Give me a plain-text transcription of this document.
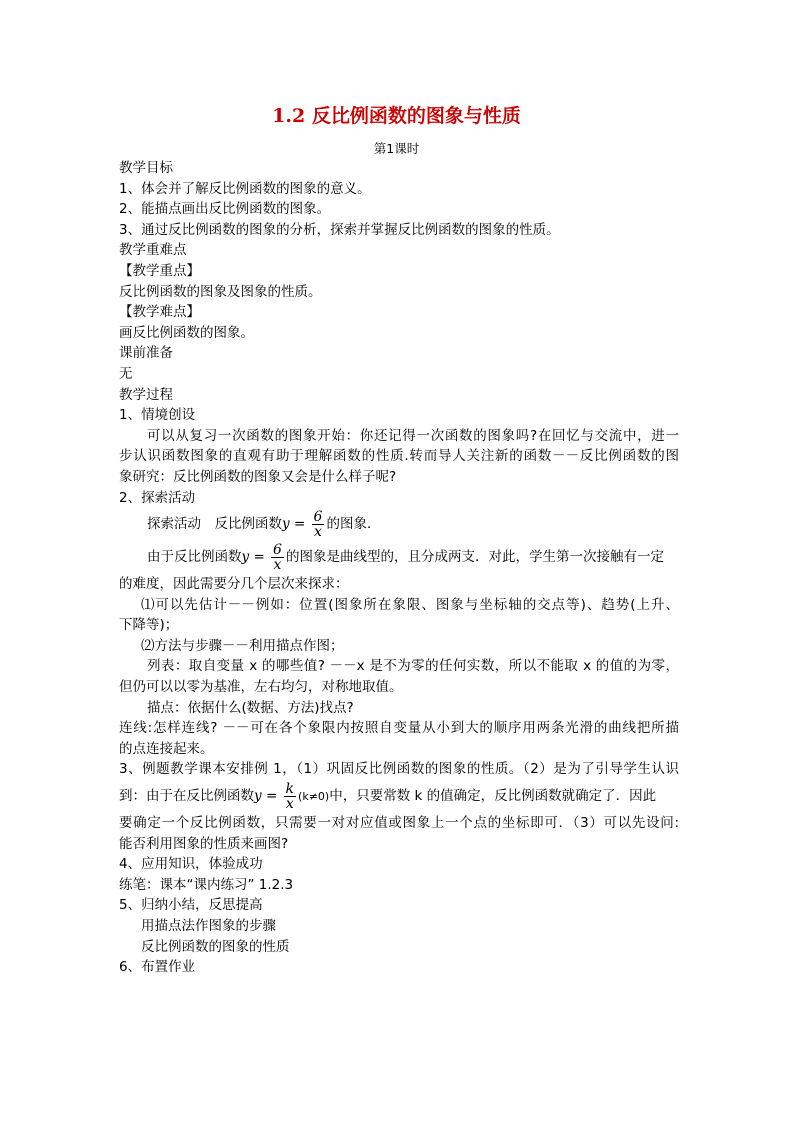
1.2 反比例函数的图象与性质
第1课时

教学目标

1、体会并了解反比例函数的图象的意义。

2、能描点画出反比例函数的图象。

3、通过反比例函数的图象的分析，探索并掌握反比例函数的图象的性质。

教学重难点

【教学重点】

反比例函数的图象及图象的性质。

【教学难点】

画反比例函数的图象。

课前准备

无

教学过程

1、情境创设

可以从复习一次函数的图象开始：你还记得一次函数的图象吗?在回忆与交流中，进一

步认识函数图象的直观有助于理解函数的性质.转而导人关注新的函数－－反比例函数的图

象研究：反比例函数的图象又会是什么样子呢?

2、探索活动

探索活动　反比例函数$y = \frac{6}{x}$ 的图象．

由于反比例函数$y = \frac{6}{x}$ 的图象是曲线型的，且分成两支．对此，学生第一次接触有一定

的难度，因此需要分几个层次来探求：

⑴可以先估计－－例如：位置(图象所在象限、图象与坐标轴的交点等)、趋势(上升、

下降等)；

⑵方法与步骤－－利用描点作图；

列表：取自变量 x 的哪些值? －－x 是不为零的任何实数，所以不能取 x 的值的为零，

但仍可以以零为基准，左右均匀，对称地取值。

描点：依据什么(数据、方法)找点?

连线:怎样连线? －－可在各个象限内按照自变量从小到大的顺序用两条光滑的曲线把所描

的点连接起来。

3、例题教学课本安排例 1，（1）巩固反比例函数的图象的性质。（2）是为了引导学生认识

到：由于在反比例函数$y = \frac{k}{x} (k\ne 0)$中，只要常数 k 的值确定，反比例函数就确定了．因此

要确定一个反比例函数，只需要一对对应值或图象上一个点的坐标即可．（3）可以先设问:

能否利用图象的性质来画图?

4、应用知识，体验成功

练笔：课本“课内练习” 1.2.3

5、归纳小结，反思提高

用描点法作图象的步骤

反比例函数的图象的性质

6、布置作业
